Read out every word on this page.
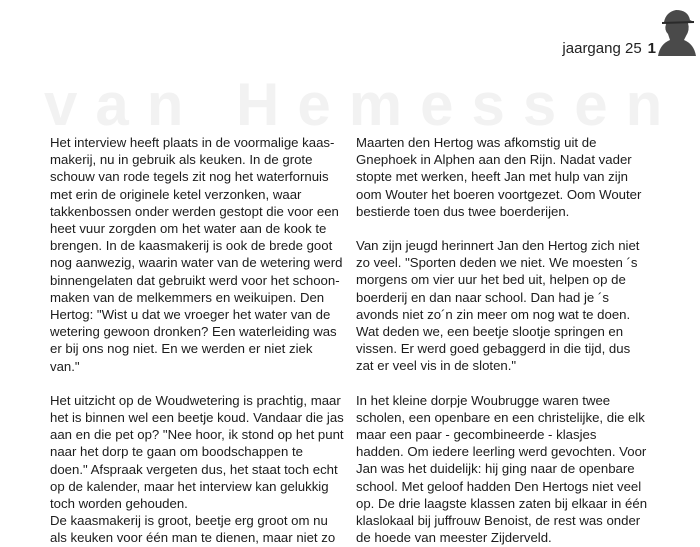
jaargang 25 1
van Hemessen

Het interview heeft plaats in de voormalige kaas-
makerij, nu in gebruik als keuken. In de grote
schouw van rode tegels zit nog het waterfornuis
met erin de originele ketel verzonken, waar
takkenbossen onder werden gestopt die voor een
heet vuur zorgden om het water aan de kook te
brengen. In de kaasmakerij is ook de brede goot
nog aanwezig, waarin water van de wetering werd
binnengelaten dat gebruikt werd voor het schoon-
maken van de melkemmers en weikuipen. Den
Hertog: "Wist u dat we vroeger het water van de
wetering gewoon dronken? Een waterleiding was
er bij ons nog niet. En we werden er niet ziek
van."

Het uitzicht op de Woudwetering is prachtig, maar
het is binnen wel een beetje koud. Vandaar die jas
aan en die pet op? "Nee hoor, ik stond op het punt
naar het dorp te gaan om boodschappen te
doen." Afspraak vergeten dus, het staat toch echt
op de kalender, maar het interview kan gelukkig
toch worden gehouden.
De kaasmakerij is groot, beetje erg groot om nu
als keuken voor één man te dienen, maar niet zo

Maarten den Hertog was afkomstig uit de
Gnephoek in Alphen aan den Rijn. Nadat vader
stopte met werken, heeft Jan met hulp van zijn
oom Wouter het boeren voortgezet. Oom Wouter
bestierde toen dus twee boerderijen.

Van zijn jeugd herinnert Jan den Hertog zich niet
zo veel. "Sporten deden we niet. We moesten ´s
morgens om vier uur het bed uit, helpen op de
boerderij en dan naar school. Dan had je ´s
avonds niet zo´n zin meer om nog wat te doen.
Wat deden we, een beetje slootje springen en
vissen. Er werd goed gebaggerd in die tijd, dus
zat er veel vis in de sloten."

In het kleine dorpje Woubrugge waren twee
scholen, een openbare en een christelijke, die elk
maar een paar - gecombineerde - klasjes
hadden. Om iedere leerling werd gevochten. Voor
Jan was het duidelijk: hij ging naar de openbare
school. Met geloof hadden Den Hertogs niet veel
op. De drie laagste klassen zaten bij elkaar in één
klaslokaal bij juffrouw Benoist, de rest was onder
de hoede van meester Zijderveld.
